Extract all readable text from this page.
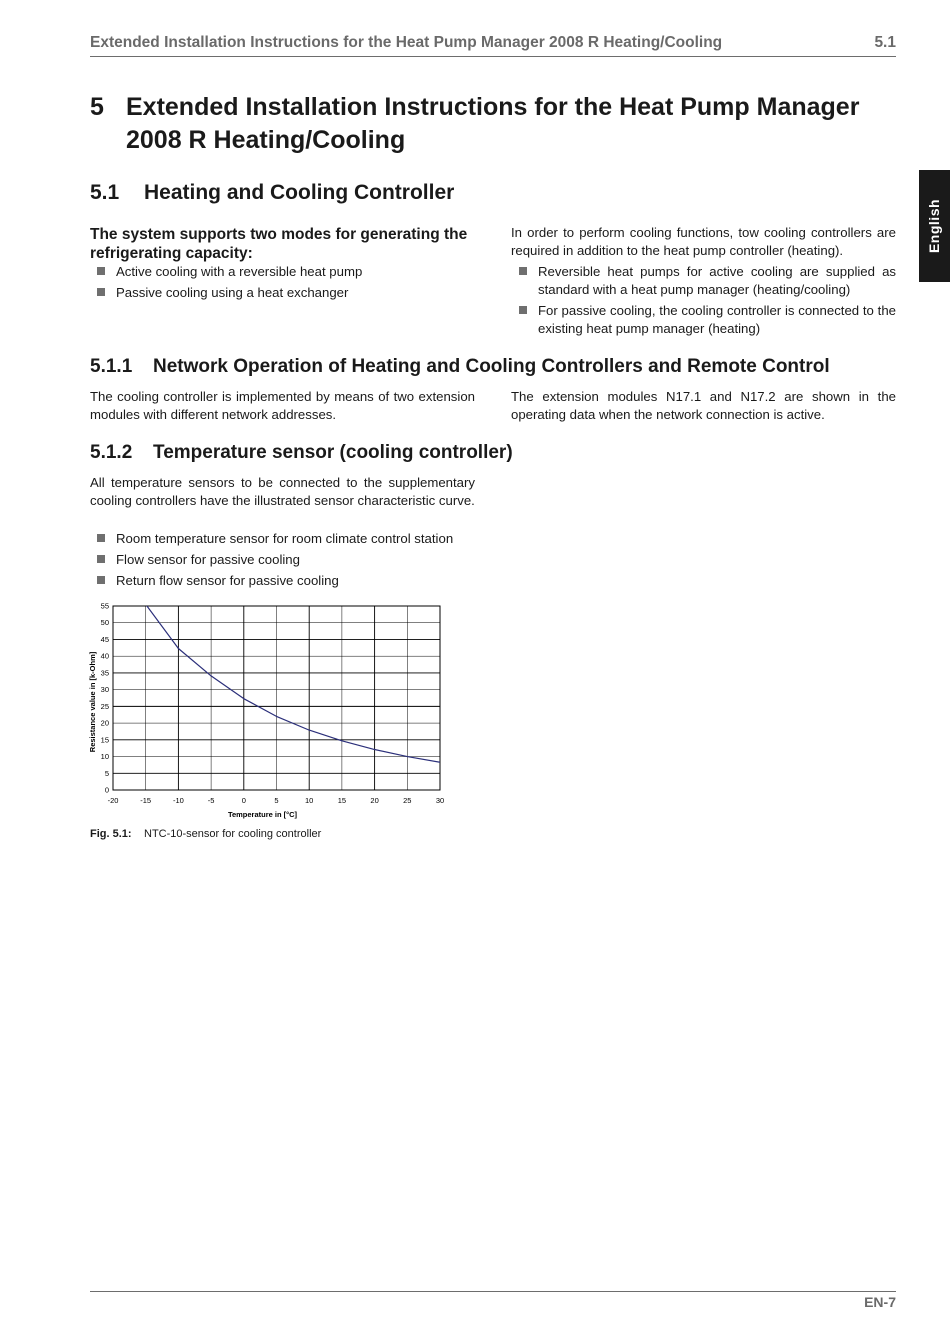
Extended Installation Instructions for the Heat Pump Manager 2008 R Heating/Cooling	5.1
English
5 Extended Installation Instructions for the Heat Pump Manager
2008 R Heating/Cooling
5.1 Heating and Cooling Controller
The system supports two modes for generating the
refrigerating capacity:
Active cooling with a reversible heat pump
Passive cooling using a heat exchanger
In order to perform cooling functions, tow cooling controllers are required in addition to the heat pump controller (heating).
Reversible heat pumps for active cooling are supplied as standard with a heat pump manager (heating/cooling)
For passive cooling, the cooling controller is connected to the existing heat pump manager (heating)
5.1.1 Network Operation of Heating and Cooling Controllers and Remote Control
The cooling controller is implemented by means of two extension modules with different network addresses.
The extension modules N17.1 and N17.2 are shown in the operating data when the network connection is active.
5.1.2 Temperature sensor (cooling controller)
All temperature sensors to be connected to the supplementary cooling controllers have the illustrated sensor characteristic curve.
Room temperature sensor for room climate control station
Flow sensor for passive cooling
Return flow sensor for passive cooling
-20	-15	-10	-5	0	5	10	15	20	25	30
0
5
10
15
20
25
30
35
40
45
50
55
Temperature in [°C]
Resistance value in [k-Ohm]
Fig. 5.1: NTC-10-sensor for cooling controller
EN-7
